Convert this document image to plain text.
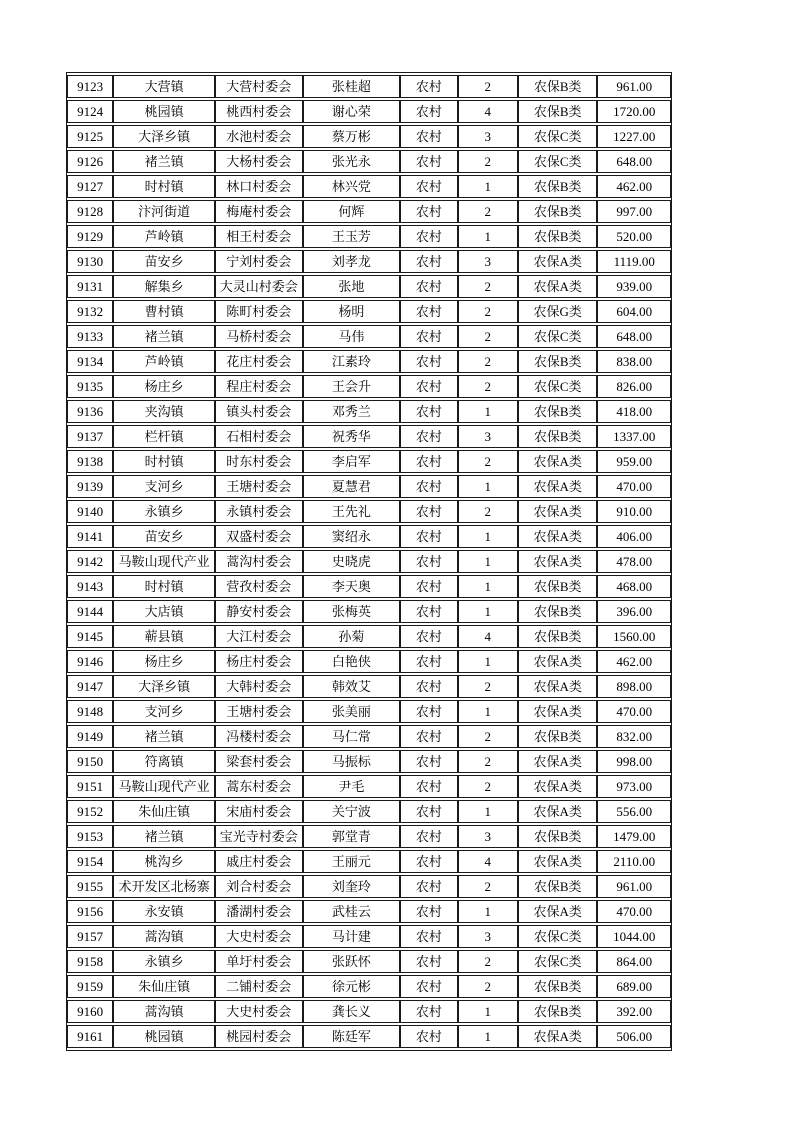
9123	大营镇	大营村委会	张桂超	农村	2	农保B类	961.00
9124	桃园镇	桃西村委会	谢心荣	农村	4	农保B类	1720.00
9125	大泽乡镇	水池村委会	蔡万彬	农村	3	农保C类	1227.00
9126	褚兰镇	大杨村委会	张光永	农村	2	农保C类	648.00
9127	时村镇	林口村委会	林兴党	农村	1	农保B类	462.00
9128	汴河街道	梅庵村委会	何辉	农村	2	农保B类	997.00
9129	芦岭镇	相王村委会	王玉芳	农村	1	农保B类	520.00
9130	苗安乡	宁刘村委会	刘孝龙	农村	3	农保A类	1119.00
9131	解集乡	大灵山村委会	张地	农村	2	农保A类	939.00
9132	曹村镇	陈町村委会	杨明	农村	2	农保G类	604.00
9133	褚兰镇	马桥村委会	马伟	农村	2	农保C类	648.00
9134	芦岭镇	花庄村委会	江素玲	农村	2	农保B类	838.00
9135	杨庄乡	程庄村委会	王会升	农村	2	农保C类	826.00
9136	夹沟镇	镇头村委会	邓秀兰	农村	1	农保B类	418.00
9137	栏杆镇	石相村委会	祝秀华	农村	3	农保B类	1337.00
9138	时村镇	时东村委会	李启军	农村	2	农保A类	959.00
9139	支河乡	王塘村委会	夏慧君	农村	1	农保A类	470.00
9140	永镇乡	永镇村委会	王先礼	农村	2	农保A类	910.00
9141	苗安乡	双盛村委会	窦绍永	农村	1	农保A类	406.00
9142	马鞍山现代产业	蒿沟村委会	史晓虎	农村	1	农保A类	478.00
9143	时村镇	营孜村委会	李天奥	农村	1	农保B类	468.00
9144	大店镇	静安村委会	张梅英	农村	1	农保B类	396.00
9145	蕲县镇	大江村委会	孙菊	农村	4	农保B类	1560.00
9146	杨庄乡	杨庄村委会	白艳侠	农村	1	农保A类	462.00
9147	大泽乡镇	大韩村委会	韩效艾	农村	2	农保A类	898.00
9148	支河乡	王塘村委会	张美丽	农村	1	农保A类	470.00
9149	褚兰镇	冯楼村委会	马仁常	农村	2	农保B类	832.00
9150	符离镇	梁套村委会	马振标	农村	2	农保A类	998.00
9151	马鞍山现代产业	蒿东村委会	尹毛	农村	2	农保A类	973.00
9152	朱仙庄镇	宋庙村委会	关宁波	农村	1	农保A类	556.00
9153	褚兰镇	宝光寺村委会	郭堂青	农村	3	农保B类	1479.00
9154	桃沟乡	戚庄村委会	王丽元	农村	4	农保A类	2110.00
9155	术开发区北杨寨	刘合村委会	刘奎玲	农村	2	农保B类	961.00
9156	永安镇	潘湖村委会	武桂云	农村	1	农保A类	470.00
9157	蒿沟镇	大史村委会	马计建	农村	3	农保C类	1044.00
9158	永镇乡	单圩村委会	张跃怀	农村	2	农保C类	864.00
9159	朱仙庄镇	二铺村委会	徐元彬	农村	2	农保B类	689.00
9160	蒿沟镇	大史村委会	龚长义	农村	1	农保B类	392.00
9161	桃园镇	桃园村委会	陈廷军	农村	1	农保A类	506.00
